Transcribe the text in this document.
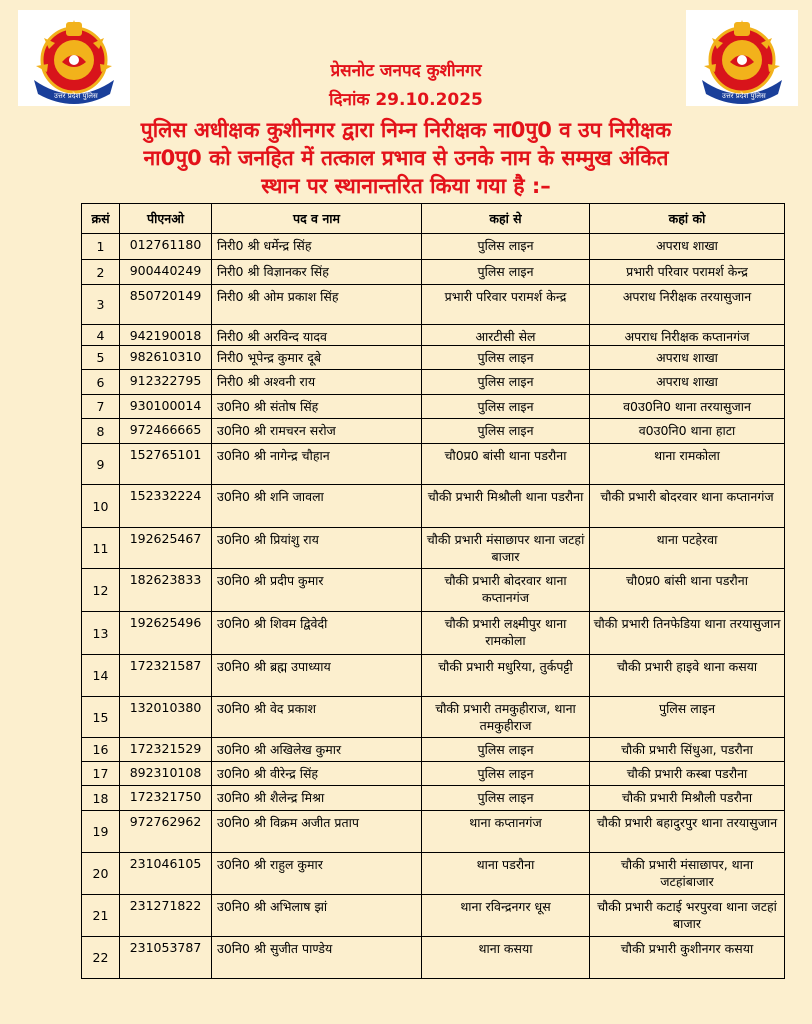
उत्तर प्रदेश पुलिस	उत्तर प्रदेश पुलिस
प्रेसनोट जनपद कुशीनगर
दिनांक 29.10.2025
पुलिस अधीक्षक कुशीनगर द्वारा निम्न निरीक्षक ना0पु0 व उप निरीक्षक
ना0पु0 को जनहित में तत्काल प्रभाव से उनके नाम के सम्मुख अंकित
स्थान पर स्थानान्तरित किया गया है :–
क्रसं	पीएनओ	पद व नाम	कहां से	कहां को
1	012761180	निरी0 श्री धर्मेन्द्र सिंह	पुलिस लाइन	अपराध शाखा
2	900440249	निरी0 श्री विज्ञानकर सिंह	पुलिस लाइन	प्रभारी परिवार परामर्श केन्द्र
3	850720149	निरी0 श्री ओम प्रकाश सिंह	प्रभारी परिवार परामर्श केन्द्र	अपराध निरीक्षक तरयासुजान
4	942190018	निरी0 श्री अरविन्द यादव	आरटीसी सेल	अपराध निरीक्षक कप्तानगंज
5	982610310	निरी0 भूपेन्द्र कुमार दूबे	पुलिस लाइन	अपराध शाखा
6	912322795	निरी0 श्री अश्वनी राय	पुलिस लाइन	अपराध शाखा
7	930100014	उ0नि0 श्री संतोष सिंह	पुलिस लाइन	व0उ0नि0 थाना तरयासुजान
8	972466665	उ0नि0 श्री रामचरन सरोज	पुलिस लाइन	व0उ0नि0 थाना हाटा
9	152765101	उ0नि0 श्री नागेन्द्र चौहान	चौ0प्र0 बांसी थाना पडरौना	थाना रामकोला
10	152332224	उ0नि0 श्री शनि जावला	चौकी प्रभारी मिश्रौली थाना पडरौना	चौकी प्रभारी बोदरवार थाना कप्तानगंज
11	192625467	उ0नि0 श्री प्रियांशु राय	चौकी प्रभारी मंसाछापर थाना जटहां बाजार	थाना पटहेरवा
12	182623833	उ0नि0 श्री प्रदीप कुमार	चौकी प्रभारी बोदरवार थाना कप्तानगंज	चौ0प्र0 बांसी थाना पडरौना
13	192625496	उ0नि0 श्री शिवम द्विवेदी	चौकी प्रभारी लक्ष्मीपुर थाना रामकोला	चौकी प्रभारी तिनफेडिया थाना तरयासुजान
14	172321587	उ0नि0 श्री ब्रह्म उपाध्याय	चौकी प्रभारी मधुरिया, तुर्कपट्टी	चौकी प्रभारी हाइवे थाना कसया
15	132010380	उ0नि0 श्री वेद प्रकाश	चौकी प्रभारी तमकुहीराज, थाना तमकुहीराज	पुलिस लाइन
16	172321529	उ0नि0 श्री अखिलेख कुमार	पुलिस लाइन	चौकी प्रभारी सिंधुआ, पडरौना
17	892310108	उ0नि0 श्री वीरेन्द्र सिंह	पुलिस लाइन	चौकी प्रभारी कस्बा पडरौना
18	172321750	उ0नि0 श्री शैलेन्द्र मिश्रा	पुलिस लाइन	चौकी प्रभारी मिश्रौली पडरौना
19	972762962	उ0नि0 श्री विक्रम अजीत प्रताप	थाना कप्तानगंज	चौकी प्रभारी बहादुरपुर थाना तरयासुजान
20	231046105	उ0नि0 श्री राहुल कुमार	थाना पडरौना	चौकी प्रभारी मंसाछापर, थाना जटहांबाजार
21	231271822	उ0नि0 श्री अभिलाष झां	थाना रविन्द्रनगर धूस	चौकी प्रभारी कटाई भरपुरवा थाना जटहां बाजार
22	231053787	उ0नि0 श्री सुजीत पाण्डेय	थाना कसया	चौकी प्रभारी कुशीनगर कसया
